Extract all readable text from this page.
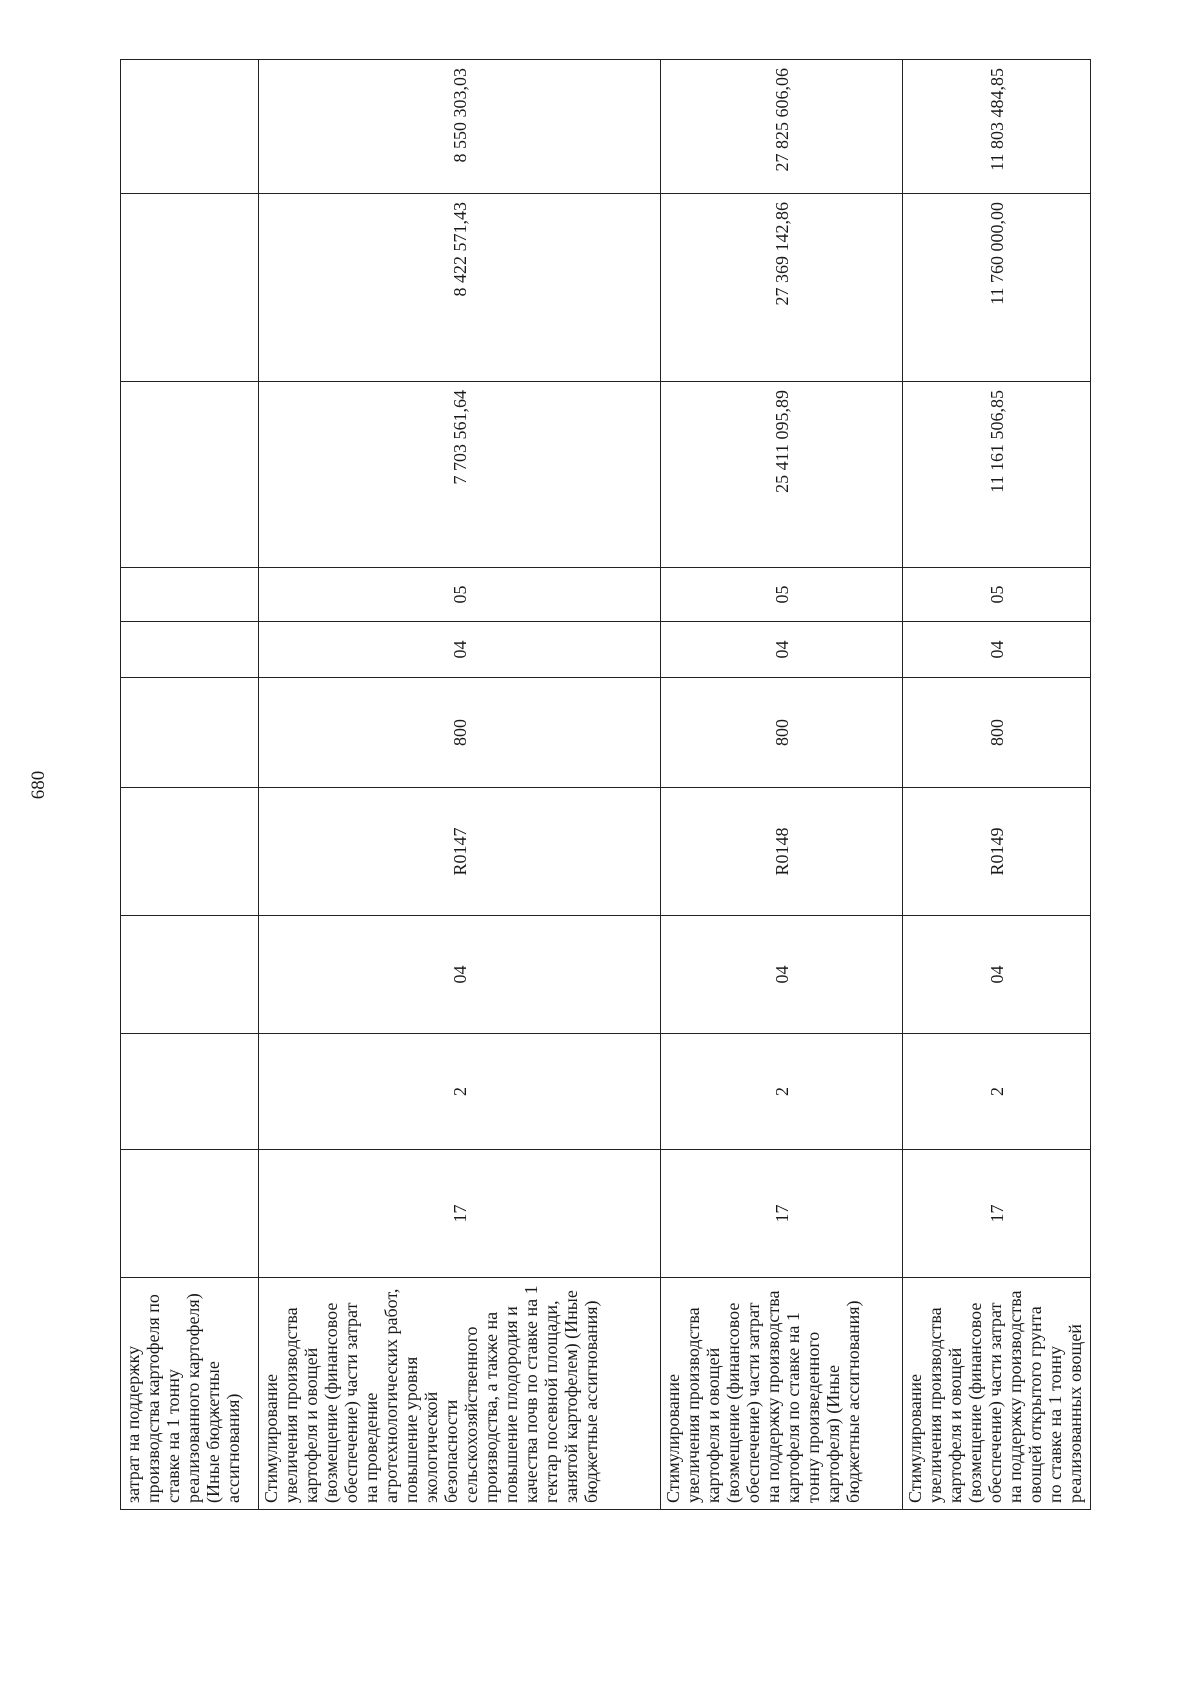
680
затрат на поддержку производства картофеля по ставке на 1 тонну реализованного картофеля) (Иные бюджетные ассигнования)										

Стимулирование увеличения производства картофеля и овощей (возмещение (финансовое обеспечение) части затрат на проведение агротехнологических работ, повышение уровня экологической безопасности сельскохозяйственного производства, а также на повышение плодородия и качества почв по ставке на 1 гектар посевной площади, занятой картофелем) (Иные бюджетные ассигнования)	17	2	04	R0147	800	04	05	7 703 561,64	8 422 571,43	8 550 303,03

Стимулирование увеличения производства картофеля и овощей (возмещение (финансовое обеспечение) части затрат на поддержку производства картофеля по ставке на 1 тонну произведенного картофеля) (Иные бюджетные ассигнования)	17	2	04	R0148	800	04	05	25 411 095,89	27 369 142,86	27 825 606,06

Стимулирование увеличения производства картофеля и овощей (возмещение (финансовое обеспечение) части затрат на поддержку производства овощей открытого грунта по ставке на 1 тонну реализованных овощей	17	2	04	R0149	800	04	05	11 161 506,85	11 760 000,00	11 803 484,85
